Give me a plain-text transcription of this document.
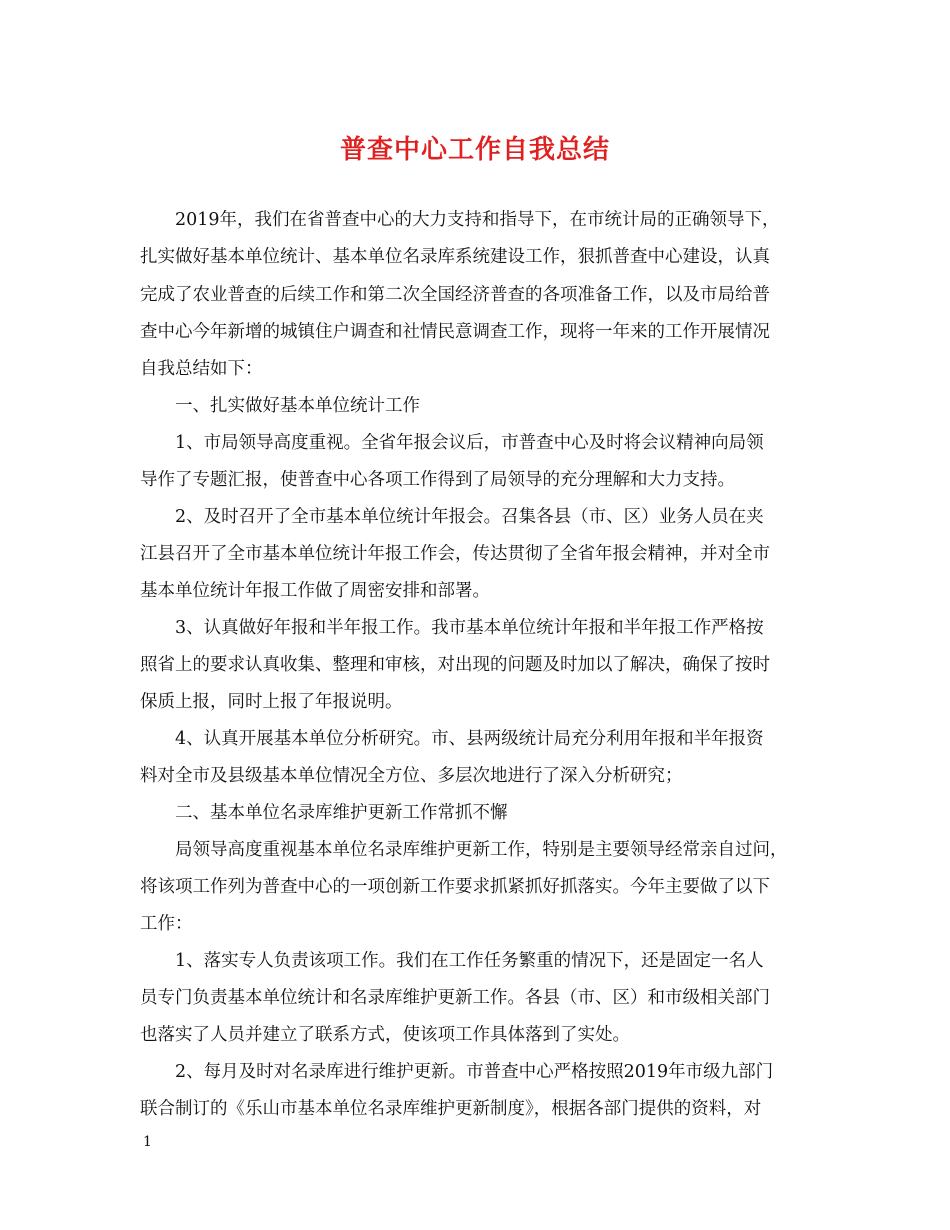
普查中心工作自我总结
　　2019年，我们在省普查中心的大力支持和指导下，在市统计局的正确领导下，
扎实做好基本单位统计、基本单位名录库系统建设工作，狠抓普查中心建设，认真
完成了农业普查的后续工作和第二次全国经济普查的各项准备工作，以及市局给普
查中心今年新增的城镇住户调查和社情民意调查工作，现将一年来的工作开展情况
自我总结如下：
　　一、扎实做好基本单位统计工作
　　1、市局领导高度重视。全省年报会议后，市普查中心及时将会议精神向局领
导作了专题汇报，使普查中心各项工作得到了局领导的充分理解和大力支持。
　　2、及时召开了全市基本单位统计年报会。召集各县（市、区）业务人员在夹
江县召开了全市基本单位统计年报工作会，传达贯彻了全省年报会精神，并对全市
基本单位统计年报工作做了周密安排和部署。
　　3、认真做好年报和半年报工作。我市基本单位统计年报和半年报工作严格按
照省上的要求认真收集、整理和审核，对出现的问题及时加以了解决，确保了按时
保质上报，同时上报了年报说明。
　　4、认真开展基本单位分析研究。市、县两级统计局充分利用年报和半年报资
料对全市及县级基本单位情况全方位、多层次地进行了深入分析研究；
　　二、基本单位名录库维护更新工作常抓不懈
　　局领导高度重视基本单位名录库维护更新工作，特别是主要领导经常亲自过问，
将该项工作列为普查中心的一项创新工作要求抓紧抓好抓落实。今年主要做了以下
工作：
　　1、落实专人负责该项工作。我们在工作任务繁重的情况下，还是固定一名人
员专门负责基本单位统计和名录库维护更新工作。各县（市、区）和市级相关部门
也落实了人员并建立了联系方式，使该项工作具体落到了实处。
　　2、每月及时对名录库进行维护更新。市普查中心严格按照2019年市级九部门
联合制订的《乐山市基本单位名录库维护更新制度》，根据各部门提供的资料，对
1
